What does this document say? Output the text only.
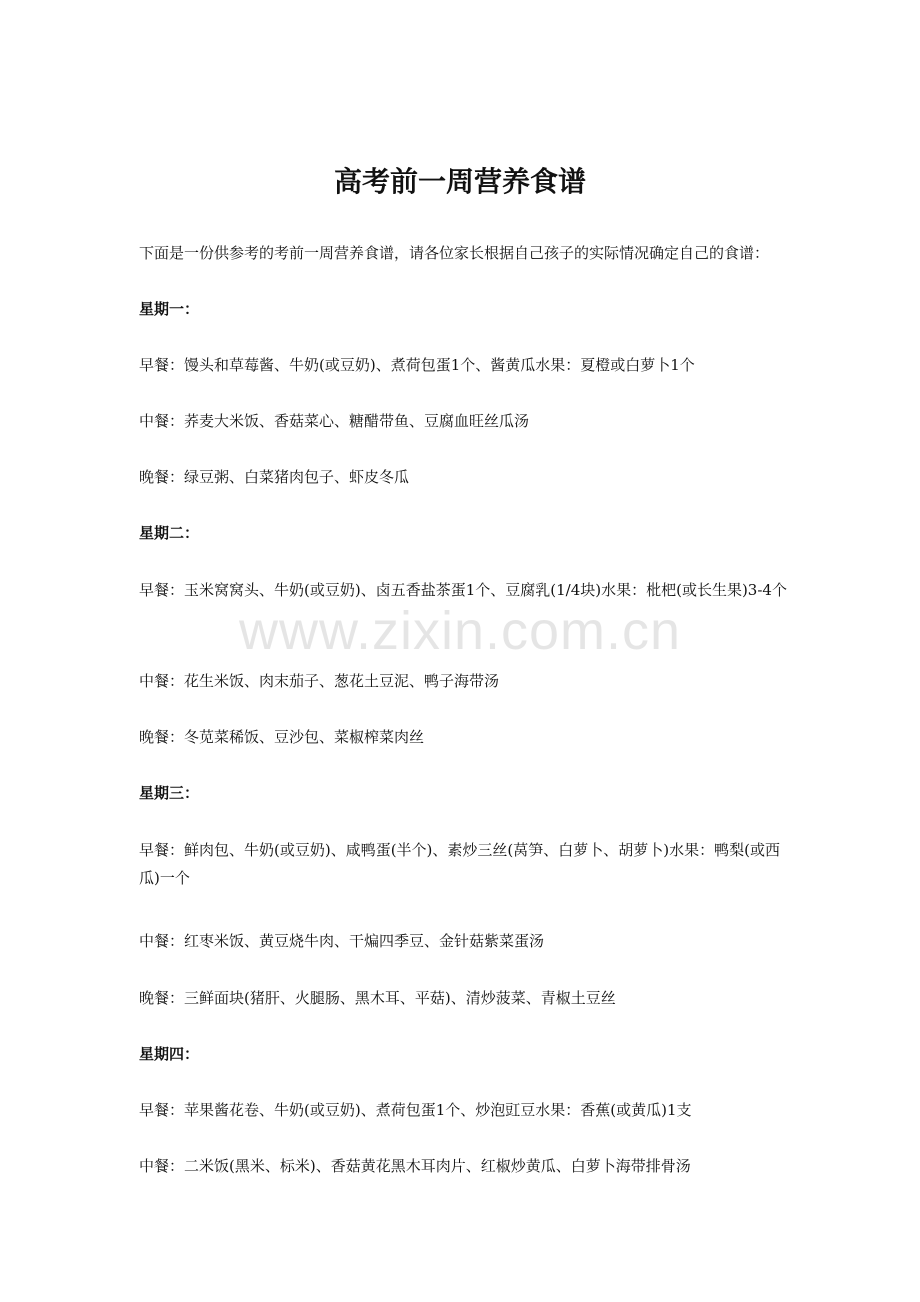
www.zixin.com.cn
高考前一周营养食谱
下面是一份供参考的考前一周营养食谱，请各位家长根据自己孩子的实际情况确定自己的食谱：
星期一：
早餐：馒头和草莓酱、牛奶(或豆奶)、煮荷包蛋1个、酱黄瓜水果：夏橙或白萝卜1个
中餐：荞麦大米饭、香菇菜心、糖醋带鱼、豆腐血旺丝瓜汤
晚餐：绿豆粥、白菜猪肉包子、虾皮冬瓜
星期二：
早餐：玉米窝窝头、牛奶(或豆奶)、卤五香盐茶蛋1个、豆腐乳(1/4块)水果：枇杷(或长生果)3-4个
中餐：花生米饭、肉末茄子、葱花土豆泥、鸭子海带汤
晚餐：冬苋菜稀饭、豆沙包、菜椒榨菜肉丝
星期三：
早餐：鲜肉包、牛奶(或豆奶)、咸鸭蛋(半个)、素炒三丝(莴笋、白萝卜、胡萝卜)水果：鸭梨(或西瓜)一个
中餐：红枣米饭、黄豆烧牛肉、干煸四季豆、金针菇紫菜蛋汤
晚餐：三鲜面块(猪肝、火腿肠、黑木耳、平菇)、清炒菠菜、青椒土豆丝
星期四：
早餐：苹果酱花卷、牛奶(或豆奶)、煮荷包蛋1个、炒泡豇豆水果：香蕉(或黄瓜)1支
中餐：二米饭(黑米、标米)、香菇黄花黑木耳肉片、红椒炒黄瓜、白萝卜海带排骨汤
